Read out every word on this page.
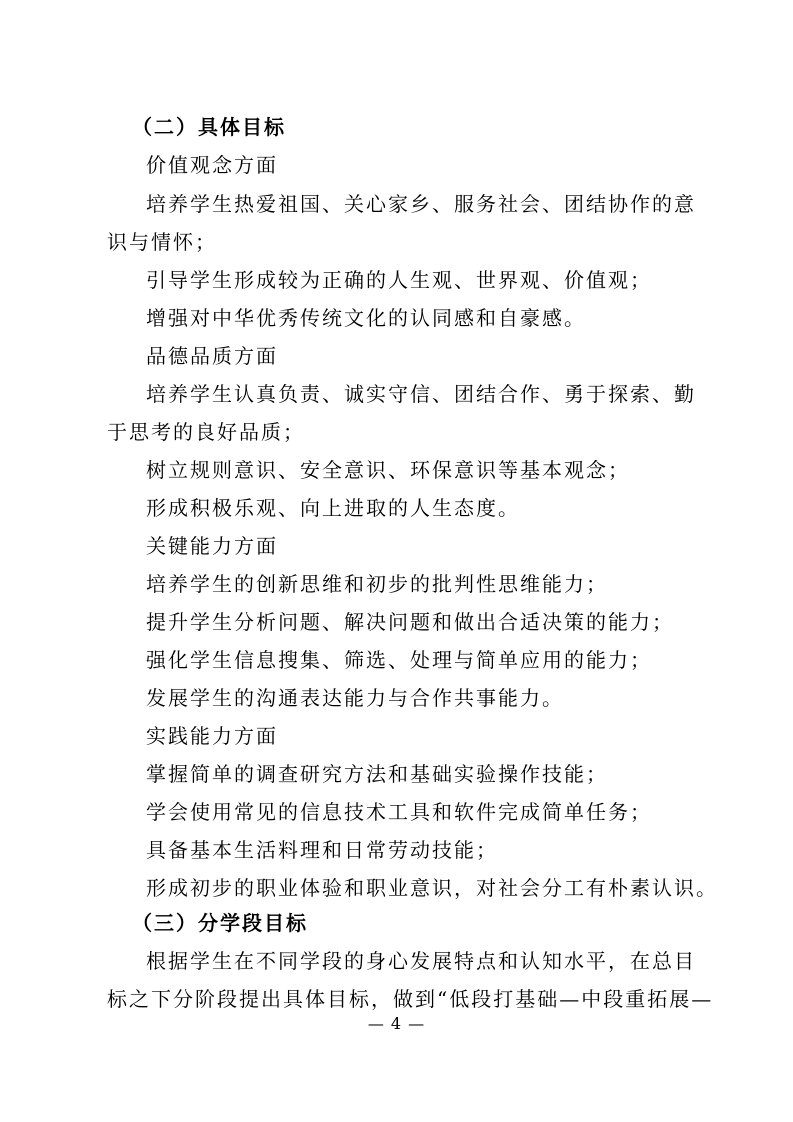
（二）具体目标
价值观念方面
培养学生热爱祖国、关心家乡、服务社会、团结协作的意
识与情怀；
引导学生形成较为正确的人生观、世界观、价值观；
增强对中华优秀传统文化的认同感和自豪感。
品德品质方面
培养学生认真负责、诚实守信、团结合作、勇于探索、勤
于思考的良好品质；
树立规则意识、安全意识、环保意识等基本观念；
形成积极乐观、向上进取的人生态度。
关键能力方面
培养学生的创新思维和初步的批判性思维能力；
提升学生分析问题、解决问题和做出合适决策的能力；
强化学生信息搜集、筛选、处理与简单应用的能力；
发展学生的沟通表达能力与合作共事能力。
实践能力方面
掌握简单的调查研究方法和基础实验操作技能；
学会使用常见的信息技术工具和软件完成简单任务；
具备基本生活料理和日常劳动技能；
形成初步的职业体验和职业意识，对社会分工有朴素认识。
（三）分学段目标
根据学生在不同学段的身心发展特点和认知水平，在总目
标之下分阶段提出具体目标，做到“低段打基础—中段重拓展—
— 4 —
